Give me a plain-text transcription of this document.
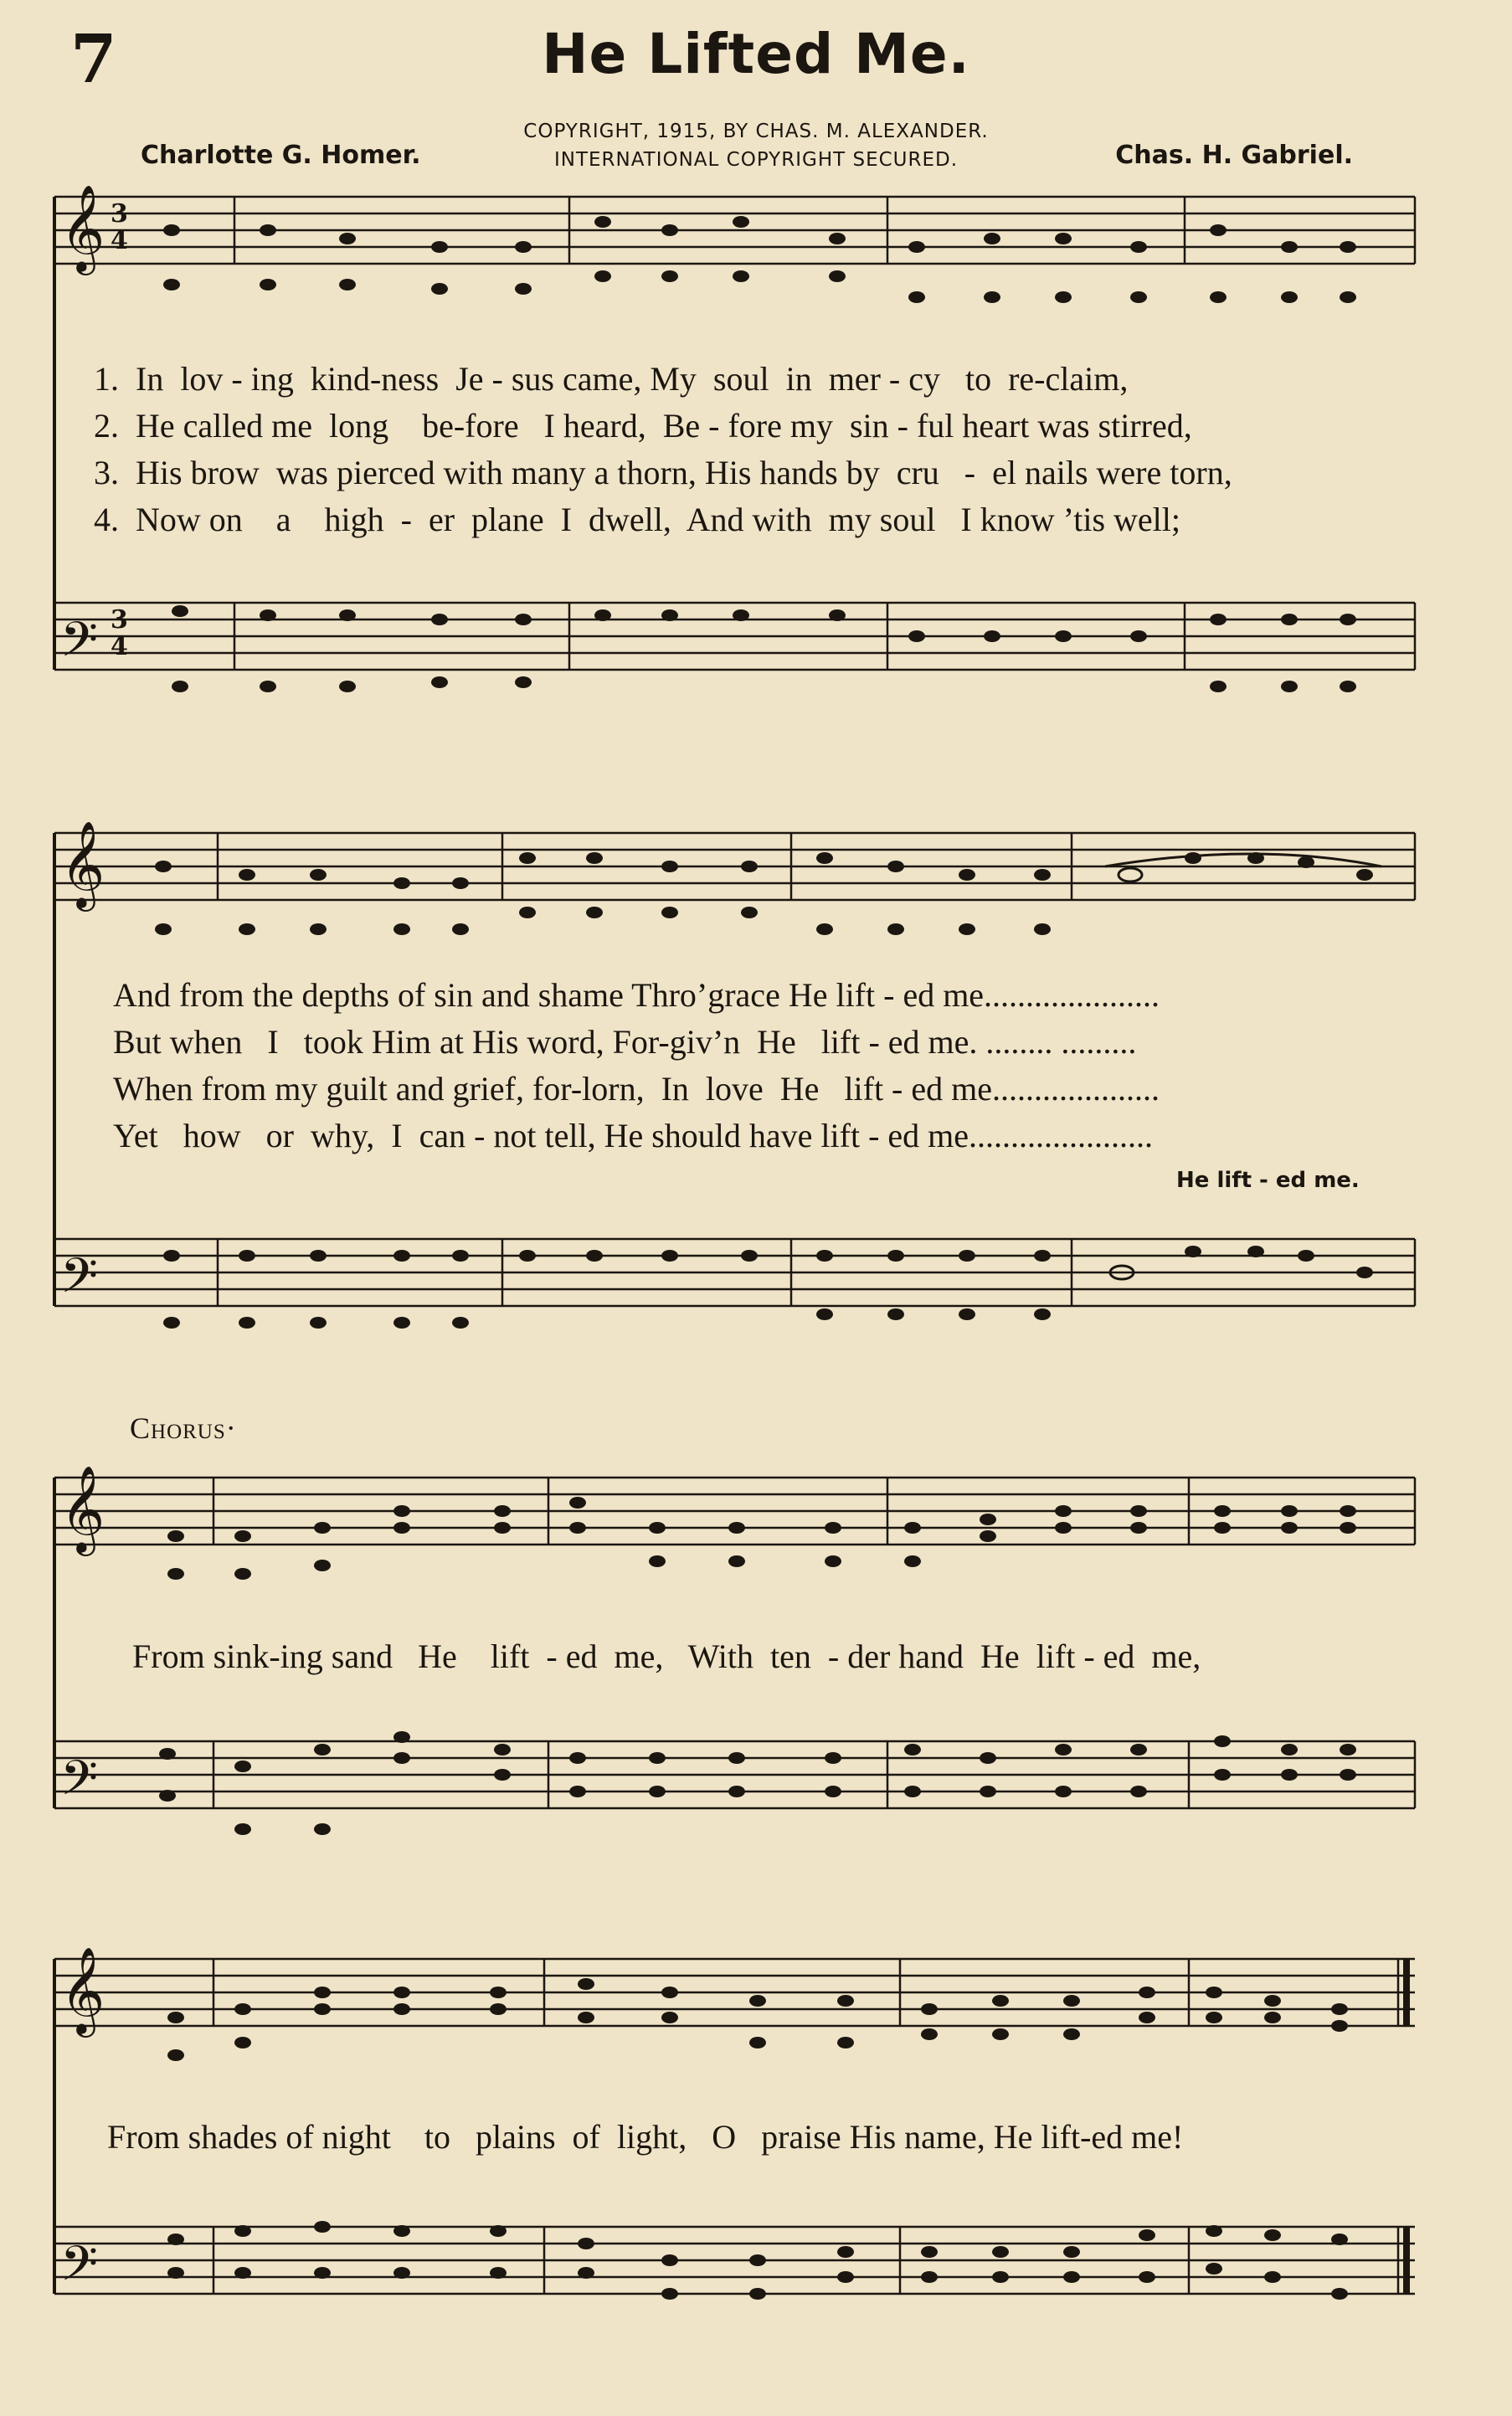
7	He Lifted Me.
COPYRIGHT, 1915, BY CHAS. M. ALEXANDER.
INTERNATIONAL COPYRIGHT SECURED.
Charlotte G. Homer.	Chas. H. Gabriel.
𝄞
𝄢
3
4
3
4
1.  In  lov - ing  kind-ness  Je - sus came, My  soul  in  mer - cy   to  re-claim,
2.  He called me  long    be-fore   I heard,  Be - fore my  sin - ful heart was stirred,
3.  His brow  was pierced with many a thorn, His hands by  cru   -  el nails were torn,
4.  Now on    a    high  -  er  plane  I  dwell,  And with  my soul   I know ’tis well;
𝄞
𝄢
And from the depths of sin and shame Thro’grace He lift - ed me.....................
But when   I   took Him at His word, For-giv’n  He   lift - ed me. ........ .........
When from my guilt and grief, for-lorn,  In  love  He   lift - ed me....................
Yet   how   or  why,  I  can - not tell, He should have lift - ed me......................
He lift - ed me.
Chorus·
𝄞
𝄢
From sink-ing sand   He    lift  - ed  me,   With  ten  - der hand  He  lift - ed  me,
𝄞
𝄢
From shades of night    to   plains  of  light,   O   praise His name, He lift-ed me!
